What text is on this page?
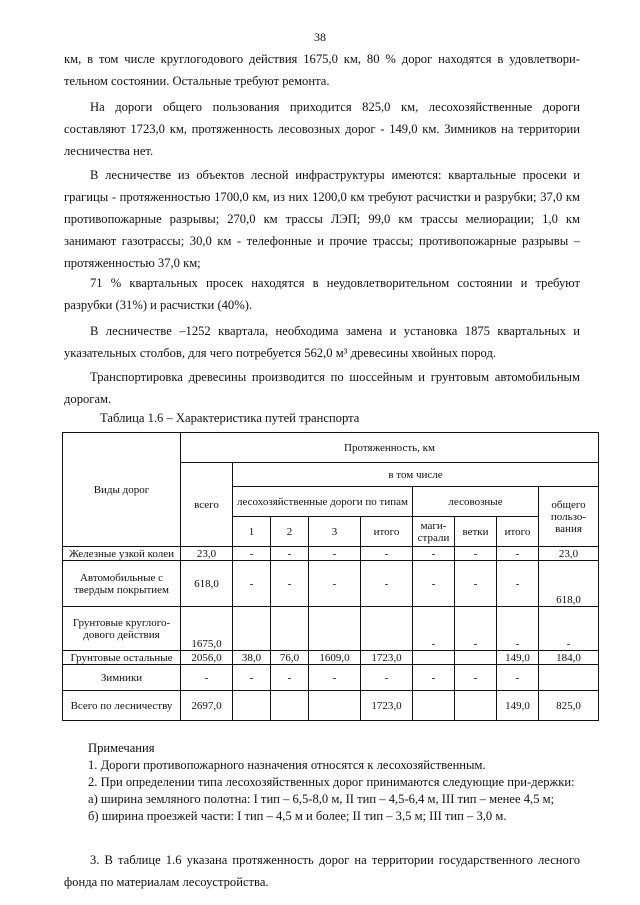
38

км, в том числе круглогодового действия 1675,0 км, 80 % дорог находятся в удовлетвори-тельном состоянии. Остальные требуют ремонта.

На дороги общего пользования приходится 825,0 км, лесохозяйственные дороги составляют 1723,0 км, протяженность лесовозных дорог - 149,0 км. Зимников на территории лесничества нет.

В лесничестве из объектов лесной инфраструктуры имеются: квартальные просеки и грагицы - протяженностью 1700,0 км, из них 1200,0 км требуют расчистки и разрубки; 37,0 км противопожарные разрывы; 270,0 км трассы ЛЭП; 99,0 км трассы мелиорации; 1,0 км занимают газотрассы; 30,0 км - телефонные и прочие трассы; противопожарные разрывы – протяженностью 37,0 км;

71 % квартальных просек находятся в неудовлетворительном состоянии и требуют разрубки (31%) и расчистки (40%).

В лесничестве –1252 квартала, необходима замена и установка 1875 квартальных и указательных столбов, для чего потребуется 562,0 м³ древесины хвойных пород.

Транспортировка древесины производится по шоссейным и грунтовым автомобильным дорогам.

Таблица 1.6 – Характеристика путей транспорта
Виды дорог	Протяженность, км								
	всего	в том числе							
		лесохозяйственные дороги по типам				лесовозные			общего пользо-вания
		1	2	3	итого	маги-страли	ветки	итого	
Железные узкой колеи	23,0	-	-	-	-	-	-	-	23,0
Автомобильные с твердым покрытием	618,0	-	-	-	-	-	-	-	618,0
Грунтовые круглого-дового действия	1675,0					-	-	-	-
Грунтовые остальные	2056,0	38,0	76,0	1609,0	1723,0			149,0	184,0
Зимники	-	-	-	-	-	-	-	-	
Всего по лесничеству	2697,0				1723,0			149,0	825,0

Примечания

1. Дороги противопожарного назначения относятся к лесохозяйственным.

2. При определении типа лесохозяйственных дорог принимаются следующие при-держки:

а) ширина земляного полотна: I тип – 6,5-8,0 м, II тип – 4,5-6,4 м, III тип – менее 4,5 м;

б) ширина проезжей части: I тип – 4,5 м и более; II тип – 3,5 м; III тип – 3,0 м.

3. В таблице 1.6 указана протяженность дорог на территории государственного лесного фонда по материалам лесоустройства.
